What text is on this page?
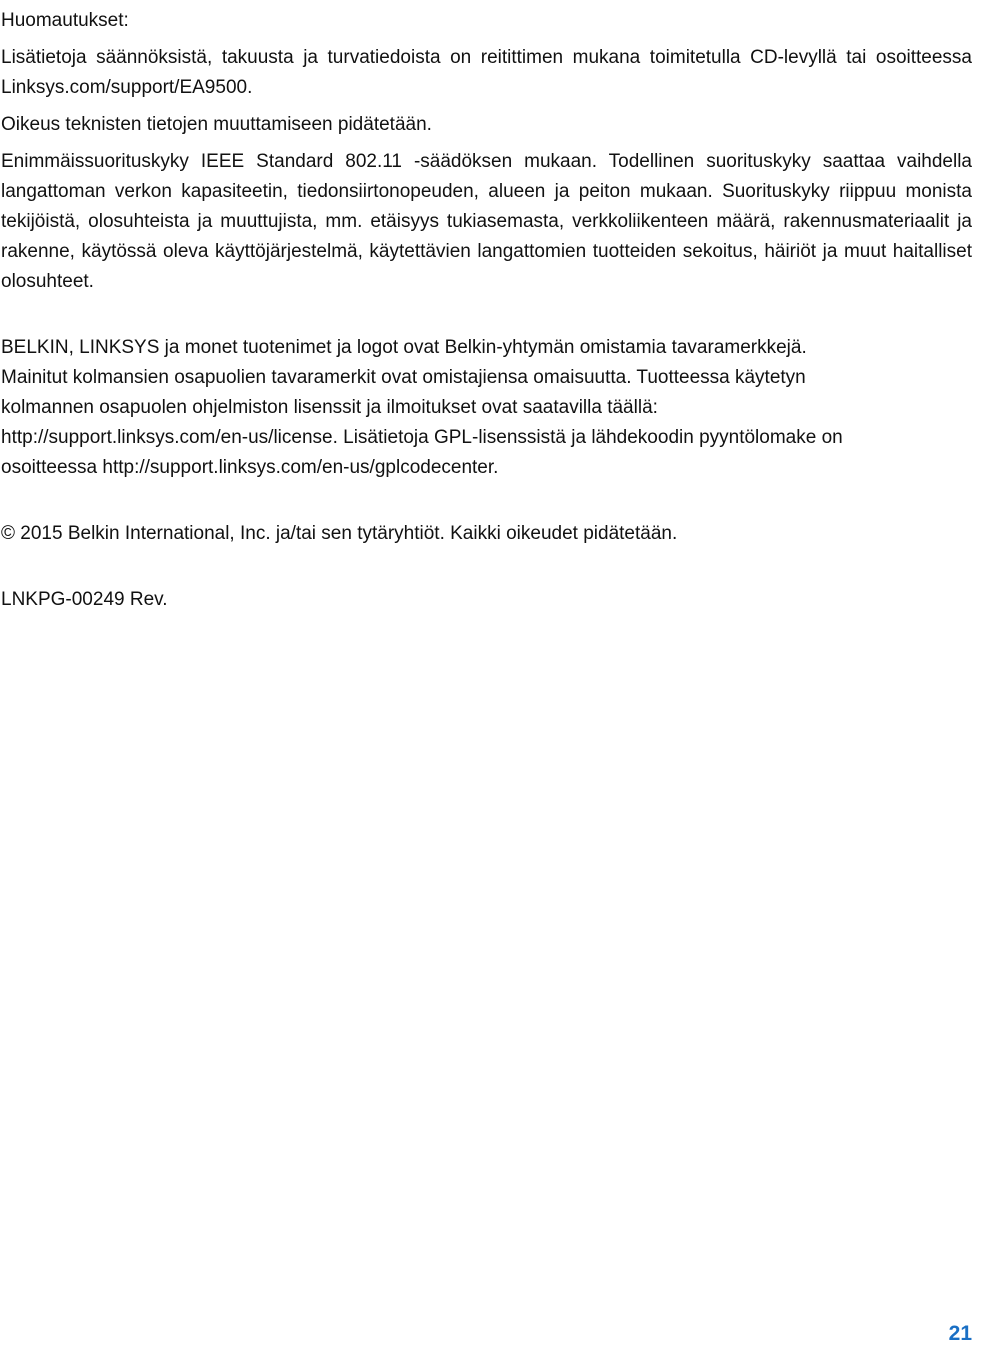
Huomautukset:

Lisätietoja säännöksistä, takuusta ja turvatiedoista on reitittimen mukana toimitetulla CD-levyllä tai osoitteessa Linksys.com/support/EA9500.

Oikeus teknisten tietojen muuttamiseen pidätetään.

Enimmäissuorituskyky IEEE Standard 802.11 -säädöksen mukaan. Todellinen suorituskyky saattaa vaihdella langattoman verkon kapasiteetin, tiedonsiirtonopeuden, alueen ja peiton mukaan. Suorituskyky riippuu monista tekijöistä, olosuhteista ja muuttujista, mm. etäisyys tukiasemasta, verkkoliikenteen määrä, rakennusmateriaalit ja rakenne, käytössä oleva käyttöjärjestelmä, käytettävien langattomien tuotteiden sekoitus, häiriöt ja muut haitalliset olosuhteet.

BELKIN, LINKSYS ja monet tuotenimet ja logot ovat Belkin-yhtymän omistamia tavaramerkkejä.
Mainitut kolmansien osapuolien tavaramerkit ovat omistajiensa omaisuutta. Tuotteessa käytetyn
kolmannen osapuolen ohjelmiston lisenssit ja ilmoitukset ovat saatavilla täällä:
http://support.linksys.com/en-us/license. Lisätietoja GPL-lisenssistä ja lähdekoodin pyyntölomake on
osoitteessa http://support.linksys.com/en-us/gplcodecenter.

© 2015 Belkin International, Inc. ja/tai sen tytäryhtiöt. Kaikki oikeudet pidätetään.

LNKPG-00249 Rev.

21
